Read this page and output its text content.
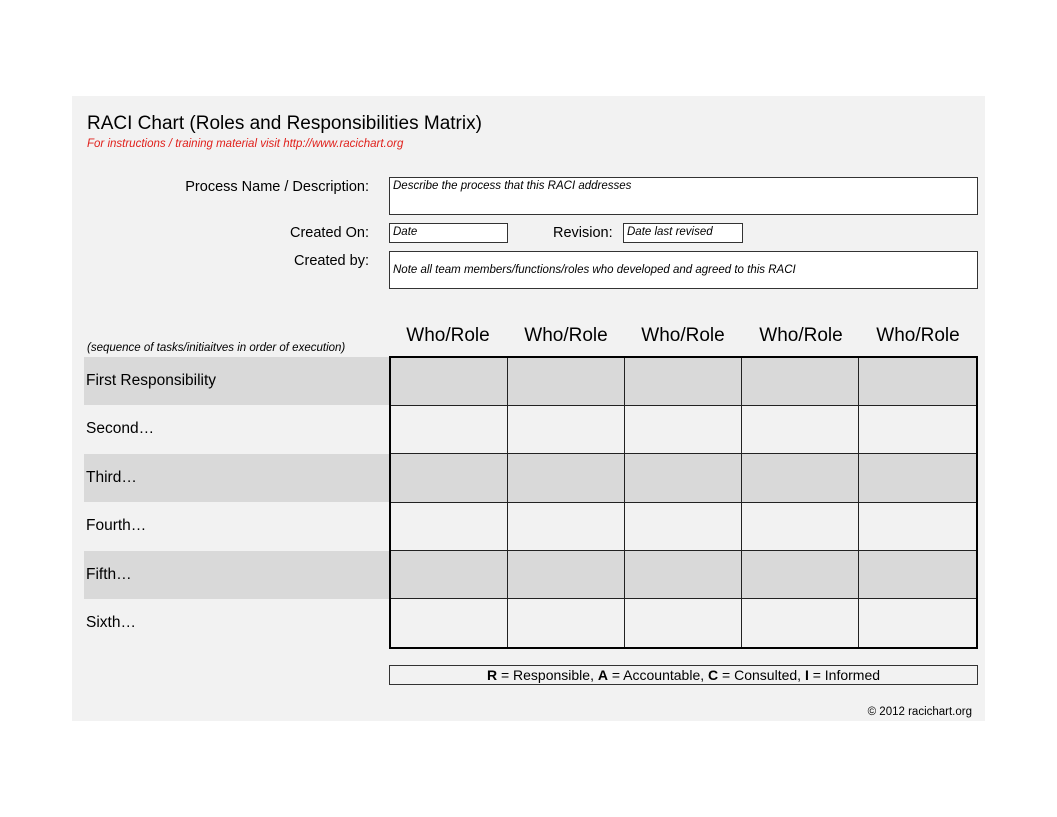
RACI Chart (Roles and Responsibilities Matrix)
For instructions / training material visit http://www.racichart.org
Process Name / Description:	Describe the process that this RACI addresses
Created On:	Date	Revision:	Date last revised
Created by:
Note all team members/functions/roles who developed and agreed to this RACI
(sequence of tasks/initiaitves in order of execution)
Who/Role	Who/Role	Who/Role	Who/Role	Who/Role
First Responsibility
Second…
Third…
Fourth…
Fifth…
Sixth…
R = Responsible, A = Accountable, C = Consulted, I = Informed
© 2012 racichart.org
